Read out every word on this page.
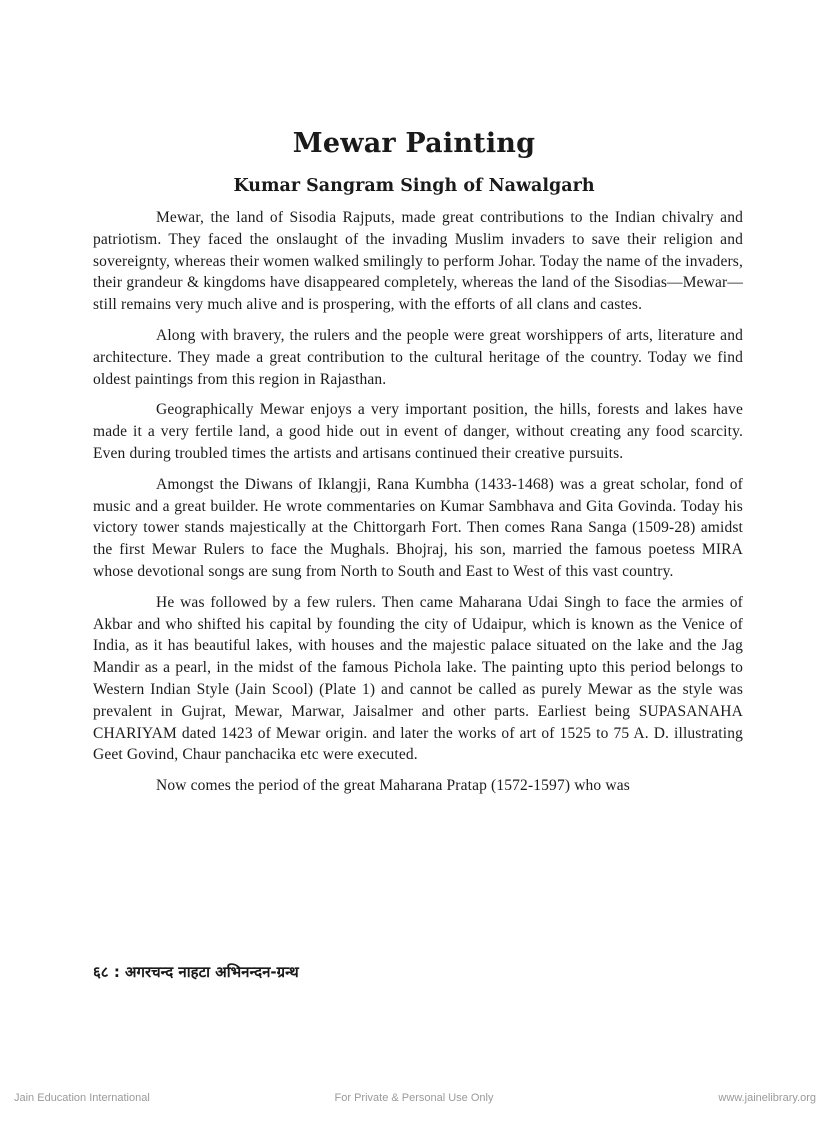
Mewar Painting
Kumar Sangram Singh of Nawalgarh

Mewar, the land of Sisodia Rajputs, made great contributions to the Indian chivalry and patriotism. They faced the onslaught of the invading Muslim invaders to save their religion and sovereignty, whereas their women walked smilingly to perform Johar. Today the name of the invaders, their grandeur & kingdoms have disappeared completely, whereas the land of the Sisodias—Mewar— still remains very much alive and is prospering, with the efforts of all clans and castes.

Along with bravery, the rulers and the people were great worshippers of arts, literature and architecture. They made a great contribution to the cultural heritage of the country. Today we find oldest paintings from this region in Rajasthan.

Geographically Mewar enjoys a very important position, the hills, forests and lakes have made it a very fertile land, a good hide out in event of danger, without creating any food scarcity. Even during troubled times the artists and artisans continued their creative pursuits.

Amongst the Diwans of Iklangji, Rana Kumbha (1433-1468) was a great scholar, fond of music and a great builder. He wrote commentaries on Kumar Sambhava and Gita Govinda. Today his victory tower stands majestically at the Chittorgarh Fort. Then comes Rana Sanga (1509-28) amidst the first Mewar Rulers to face the Mughals. Bhojraj, his son, married the famous poetess MIRA whose devotional songs are sung from North to South and East to West of this vast country.

He was followed by a few rulers. Then came Maharana Udai Singh to face the armies of Akbar and who shifted his capital by founding the city of Udaipur, which is known as the Venice of India, as it has beautiful lakes, with houses and the majestic palace situated on the lake and the Jag Mandir as a pearl, in the midst of the famous Pichola lake. The painting upto this period belongs to Western Indian Style (Jain Scool) (Plate 1) and cannot be called as purely Mewar as the style was prevalent in Gujrat, Mewar, Marwar, Jaisalmer and other parts. Earliest being SUPASANAHA CHARIYAM dated 1423 of Mewar origin. and later the works of art of 1525 to 75 A. D. illustrating Geet Govind, Chaur panchacika etc were executed.

Now comes the period of the great Maharana Pratap (1572-1597) who was

६८ : अगरचन्द नाहटा अभिनन्दन-ग्रन्थ
Jain Education International	For Private & Personal Use Only	www.jainelibrary.org
